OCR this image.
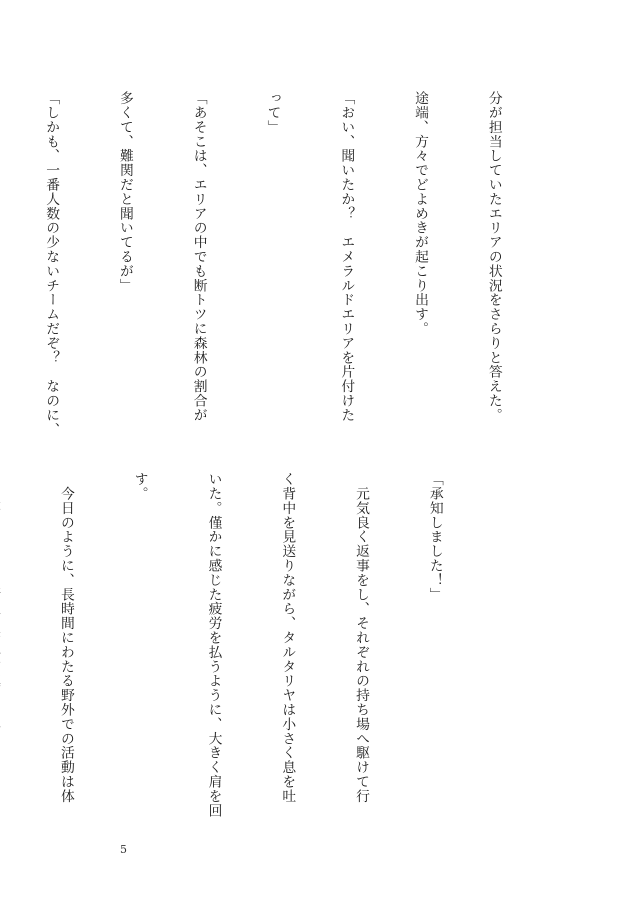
分が担当していたエリアの状況をさらりと答えた。

途端、方々でどよめきが起こり出す。

「おい、聞いたか？　エメラルドエリアを片付けた

って」

「あそこは、エリアの中でも断トツに森林の割合が

多くて、難関だと聞いてるが」

「しかも、一番人数の少ないチームだぞ？　なのに、

「承知しました！」

　元気良く返事をし、それぞれの持ち場へ駆けて行

く背中を見送りながら、タルタリヤは小さく息を吐

いた。僅かに感じた疲労を払うように、大きく肩を回

す。

　今日のように、長時間にわたる野外での活動は体

5
